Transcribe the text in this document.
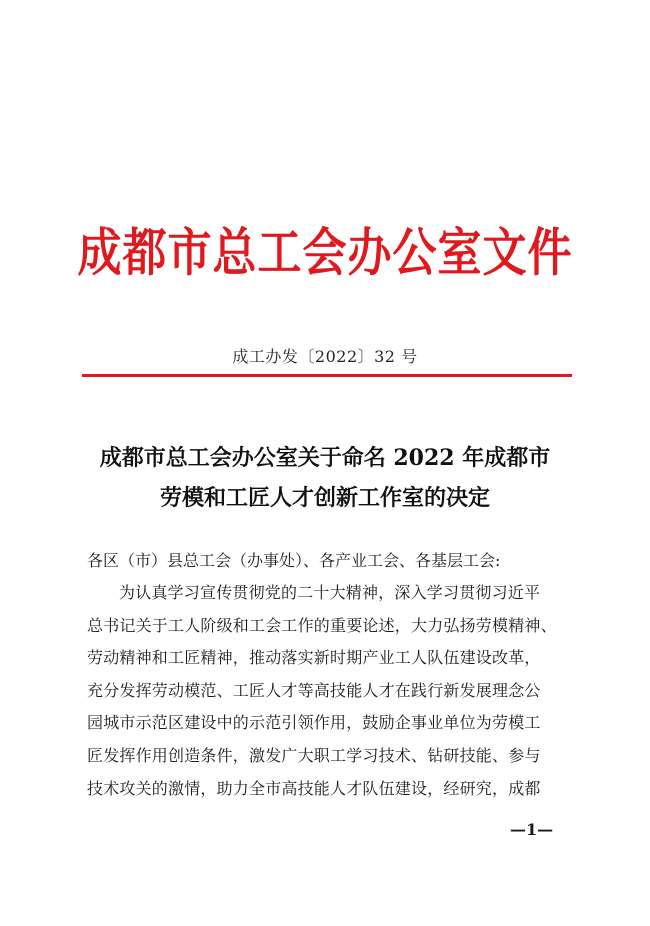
成都市总工会办公室文件
成工办发〔2022〕32 号
成都市总工会办公室关于命名 2022 年成都市
劳模和工匠人才创新工作室的决定
各区（市）县总工会（办事处）、各产业工会、各基层工会:
为认真学习宣传贯彻党的二十大精神，深入学习贯彻习近平
总书记关于工人阶级和工会工作的重要论述，大力弘扬劳模精神、
劳动精神和工匠精神，推动落实新时期产业工人队伍建设改革，
充分发挥劳动模范、工匠人才等高技能人才在践行新发展理念公
园城市示范区建设中的示范引领作用，鼓励企事业单位为劳模工
匠发挥作用创造条件，激发广大职工学习技术、钻研技能、参与
技术攻关的激情，助力全市高技能人才队伍建设，经研究，成都
—1—
